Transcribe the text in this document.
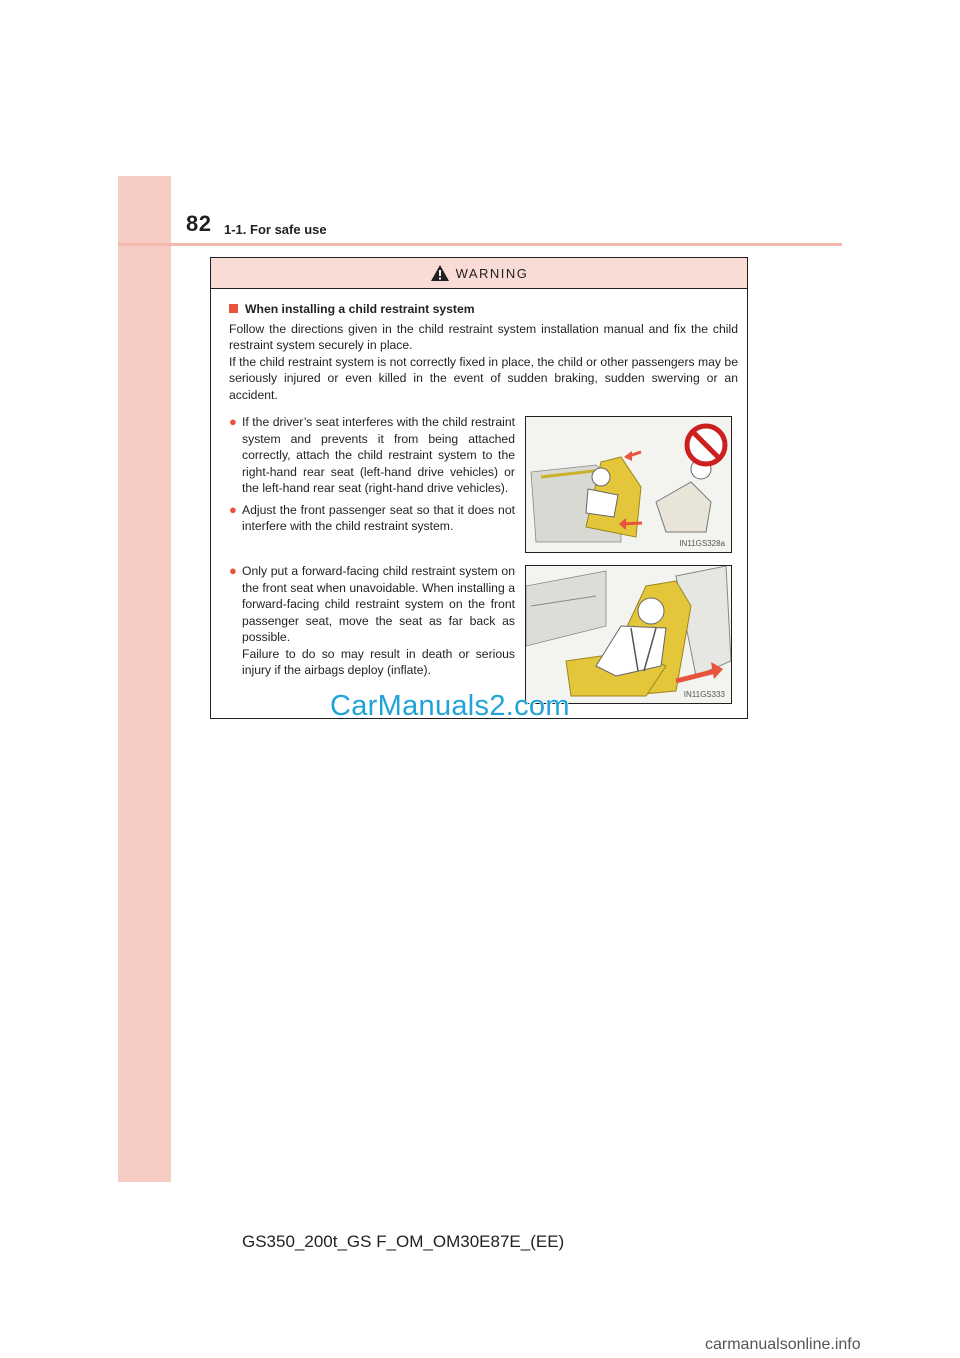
82 1-1. For safe use
WARNING
When installing a child restraint system

Follow the directions given in the child restraint system installation manual and fix the child restraint system securely in place.

If the child restraint system is not correctly fixed in place, the child or other passengers may be seriously injured or even killed in the event of sudden braking, sudden swerving or an accident.

● If the driver’s seat interferes with the child restraint system and prevents it from being attached correctly, attach the child restraint system to the right-hand rear seat (left-hand drive vehicles) or the left-hand rear seat (right-hand drive vehicles).
● Adjust the front passenger seat so that it does not interfere with the child restraint system.
IN11GS328a
● Only put a forward-facing child restraint system on the front seat when unavoidable. When installing a forward-facing child restraint system on the front passenger seat, move the seat as far back as possible.
Failure to do so may result in death or serious injury if the airbags deploy (inflate).
IN11GS333
CarManuals2.com
GS350_200t_GS F_OM_OM30E87E_(EE)
carmanualsonline.info
